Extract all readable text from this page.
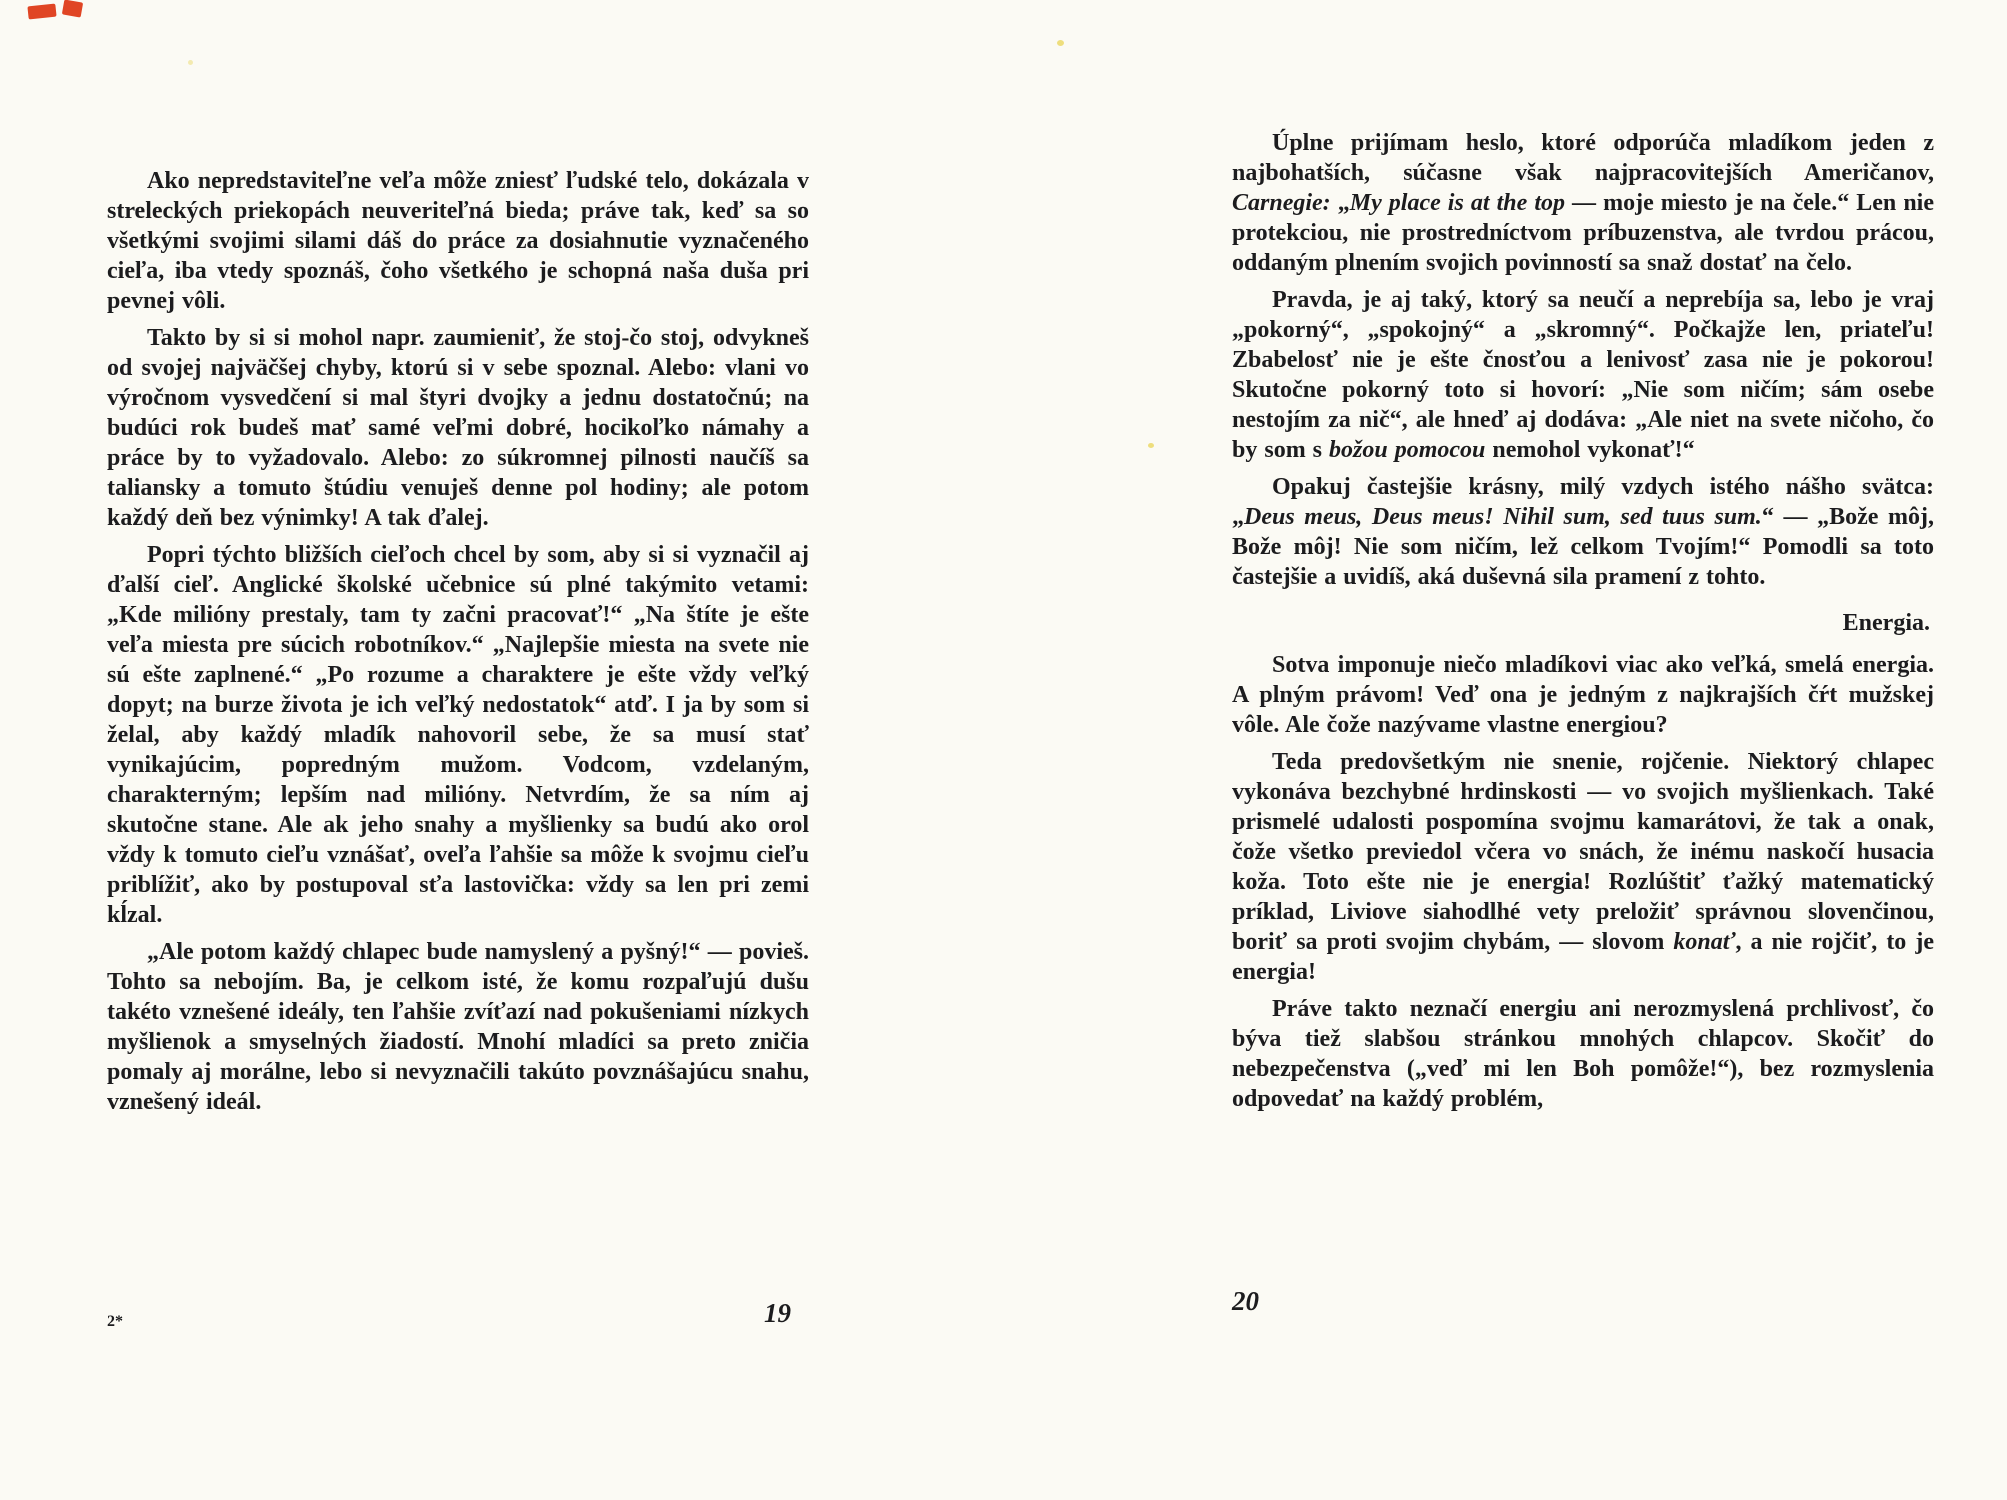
Ako nepredstaviteľne veľa môže zniesť ľudské telo, dokázala v streleckých priekopách neuveriteľná bieda; práve tak, keď sa so všetkými svojimi silami dáš do práce za dosiahnutie vyznačeného cieľa, iba vtedy spoznáš, čoho všetkého je schopná naša duša pri pevnej vôli.

Takto by si si mohol napr. zaumieniť, že stoj-čo stoj, odvykneš od svojej najväčšej chyby, ktorú si v sebe spoznal. Alebo: vlani vo výročnom vysvedčení si mal štyri dvojky a jednu dostatočnú; na budúci rok budeš mať samé veľmi dobré, hocikoľko námahy a práce by to vyžadovalo. Alebo: zo súkromnej pilnosti naučíš sa taliansky a tomuto štúdiu venuješ denne pol hodiny; ale potom každý deň bez výnimky! A tak ďalej.

Popri týchto bližších cieľoch chcel by som, aby si si vyznačil aj ďalší cieľ. Anglické školské učebnice sú plné takýmito vetami: „Kde milióny prestaly, tam ty začni pracovať!“ „Na štíte je ešte veľa miesta pre súcich robotníkov.“ „Najlepšie miesta na svete nie sú ešte zaplnené.“ „Po rozume a charaktere je ešte vždy veľký dopyt; na burze života je ich veľký nedostatok“ atď. I ja by som si želal, aby každý mladík nahovoril sebe, že sa musí stať vynikajúcim, popredným mužom. Vodcom, vzdelaným, charakterným; lepším nad milióny. Netvrdím, že sa ním aj skutočne stane. Ale ak jeho snahy a myšlienky sa budú ako orol vždy k tomuto cieľu vznášať, oveľa ľahšie sa môže k svojmu cieľu priblížiť, ako by postupoval sťa lastovička: vždy sa len pri zemi kĺzal.

„Ale potom každý chlapec bude namyslený a pyšný!“ — povieš. Tohto sa nebojím. Ba, je celkom isté, že komu rozpaľujú dušu takéto vznešené ideály, ten ľahšie zvíťazí nad pokušeniami nízkych myšlienok a smyselných žiadostí. Mnohí mladíci sa preto zničia pomaly aj morálne, lebo si nevyznačili takúto povznášajúcu snahu, vznešený ideál.

2*	19

Úplne prijímam heslo, ktoré odporúča mladíkom jeden z najbohatších, súčasne však najpracovitejších Američanov, Carnegie: „My place is at the top — moje miesto je na čele.“ Len nie protekciou, nie prostredníctvom príbuzenstva, ale tvrdou prácou, oddaným plnením svojich povinností sa snaž dostať na čelo.

Pravda, je aj taký, ktorý sa neučí a neprebíja sa, lebo je vraj „pokorný“, „spokojný“ a „skromný“. Počkajže len, priateľu! Zbabelosť nie je ešte čnosťou a lenivosť zasa nie je pokorou! Skutočne pokorný toto si hovorí: „Nie som ničím; sám osebe nestojím za nič“, ale hneď aj dodáva: „Ale niet na svete ničoho, čo by som s božou pomocou nemohol vykonať!“

Opakuj častejšie krásny, milý vzdych istého nášho svätca: „Deus meus, Deus meus! Nihil sum, sed tuus sum.“ — „Bože môj, Bože môj! Nie som ničím, lež celkom Tvojím!“ Pomodli sa toto častejšie a uvidíš, aká duševná sila pramení z tohto.

Energia.

Sotva imponuje niečo mladíkovi viac ako veľká, smelá energia. A plným právom! Veď ona je jedným z najkrajších čŕt mužskej vôle. Ale čože nazývame vlastne energiou?

Teda predovšetkým nie snenie, rojčenie. Niektorý chlapec vykonáva bezchybné hrdinskosti — vo svojich myšlienkach. Také prismelé udalosti pospomína svojmu kamarátovi, že tak a onak, čože všetko previedol včera vo snách, že inému naskočí husacia koža. Toto ešte nie je energia! Rozlúštiť ťažký matematický príklad, Liviove siahodlhé vety preložiť správnou slovenčinou, boriť sa proti svojim chybám, — slovom konať, a nie rojčiť, to je energia!

Práve takto neznačí energiu ani nerozmyslená prchlivosť, čo býva tiež slabšou stránkou mnohých chlapcov. Skočiť do nebezpečenstva („veď mi len Boh pomôže!“), bez rozmyslenia odpovedať na každý problém,

20
